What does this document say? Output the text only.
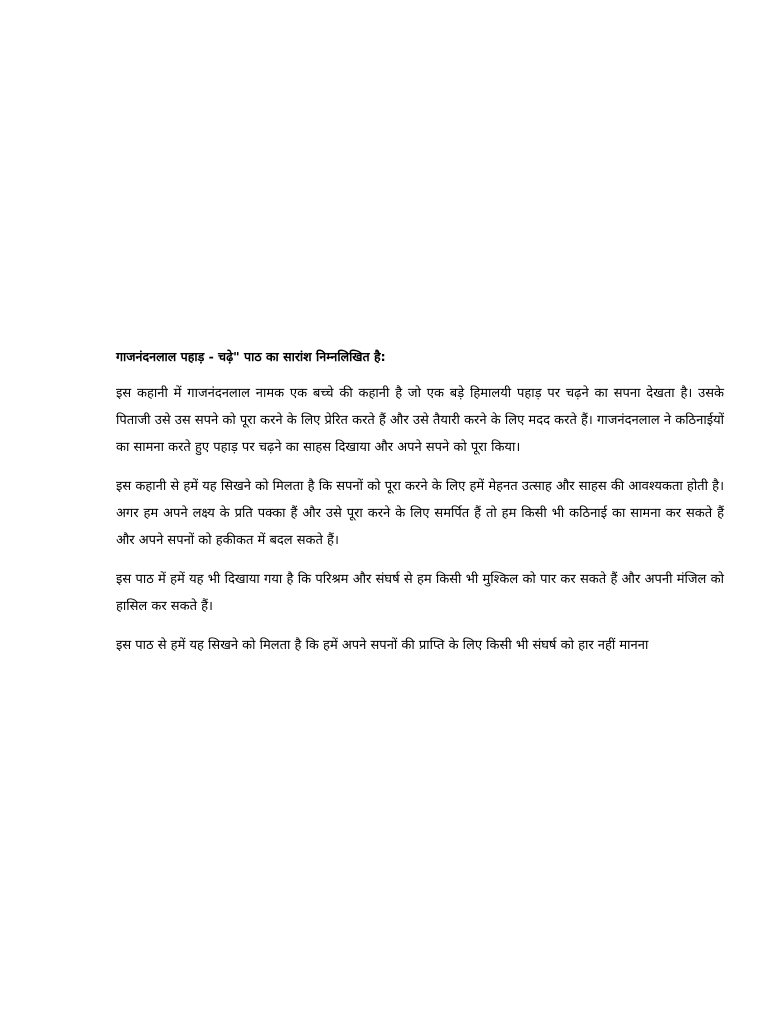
गाजनंदनलाल पहाड़ - चढ़े" पाठ का सारांश निम्नलिखित है:

इस कहानी में गाजनंदनलाल नामक एक बच्चे की कहानी है जो एक बड़े हिमालयी पहाड़ पर चढ़ने का सपना देखता है। उसके पिताजी उसे उस सपने को पूरा करने के लिए प्रेरित करते हैं और उसे तैयारी करने के लिए मदद करते हैं। गाजनंदनलाल ने कठिनाईयों का सामना करते हुए पहाड़ पर चढ़ने का साहस दिखाया और अपने सपने को पूरा किया।

इस कहानी से हमें यह सिखने को मिलता है कि सपनों को पूरा करने के लिए हमें मेहनत उत्साह और साहस की आवश्यकता होती है। अगर हम अपने लक्ष्य के प्रति पक्का हैं और उसे पूरा करने के लिए समर्पित हैं तो हम किसी भी कठिनाई का सामना कर सकते हैं और अपने सपनों को हकीकत में बदल सकते हैं।

इस पाठ में हमें यह भी दिखाया गया है कि परिश्रम और संघर्ष से हम किसी भी मुश्किल को पार कर सकते हैं और अपनी मंजिल को हासिल कर सकते हैं।

इस पाठ से हमें यह सिखने को मिलता है कि हमें अपने सपनों की प्राप्ति के लिए किसी भी संघर्ष को हार नहीं मानना
